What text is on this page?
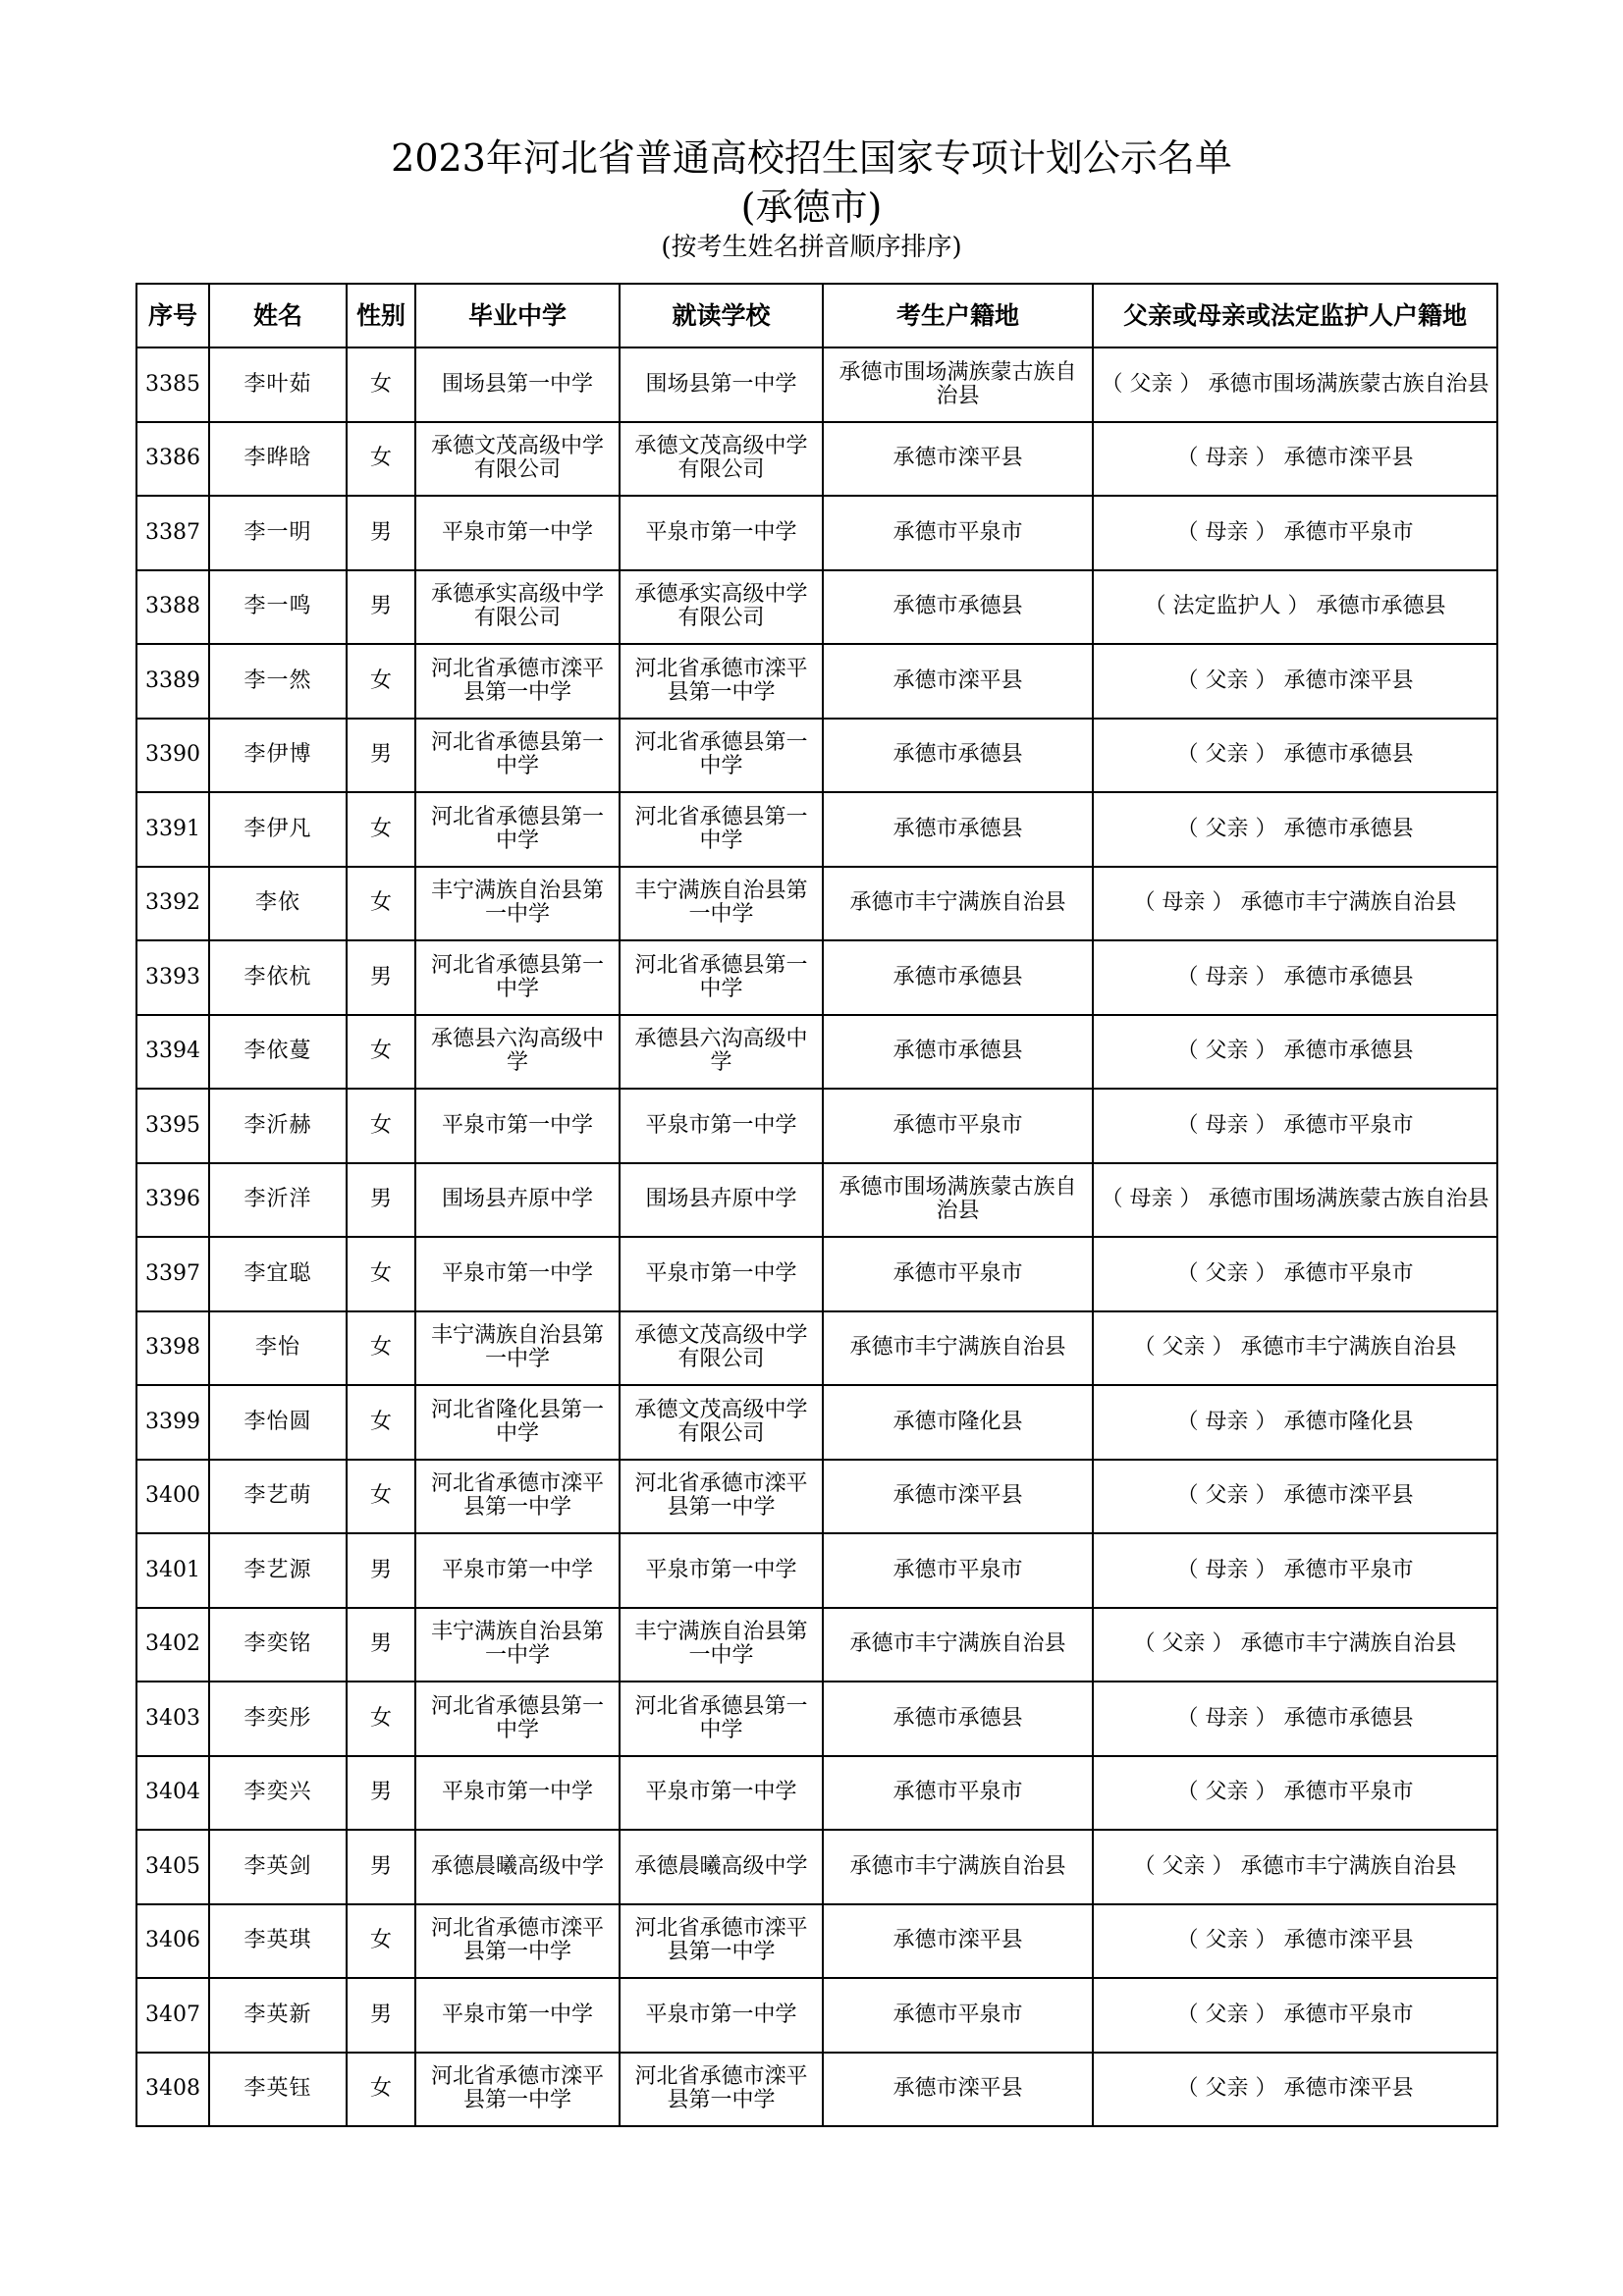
2023年河北省普通高校招生国家专项计划公示名单
(承德市)
(按考生姓名拼音顺序排序)
序号	姓名	性别	毕业中学	就读学校	考生户籍地	父亲或母亲或法定监护人户籍地
3385	李叶茹	女	围场县第一中学	围场县第一中学	承德市围场满族蒙古族自治县	（ 父亲 ） 承德市围场满族蒙古族自治县
3386	李晔晗	女	承德文茂高级中学有限公司	承德文茂高级中学有限公司	承德市滦平县	（ 母亲 ） 承德市滦平县
3387	李一明	男	平泉市第一中学	平泉市第一中学	承德市平泉市	（ 母亲 ） 承德市平泉市
3388	李一鸣	男	承德承实高级中学有限公司	承德承实高级中学有限公司	承德市承德县	（ 法定监护人 ） 承德市承德县
3389	李一然	女	河北省承德市滦平县第一中学	河北省承德市滦平县第一中学	承德市滦平县	（ 父亲 ） 承德市滦平县
3390	李伊博	男	河北省承德县第一中学	河北省承德县第一中学	承德市承德县	（ 父亲 ） 承德市承德县
3391	李伊凡	女	河北省承德县第一中学	河北省承德县第一中学	承德市承德县	（ 父亲 ） 承德市承德县
3392	李依	女	丰宁满族自治县第一中学	丰宁满族自治县第一中学	承德市丰宁满族自治县	（ 母亲 ） 承德市丰宁满族自治县
3393	李依杭	男	河北省承德县第一中学	河北省承德县第一中学	承德市承德县	（ 母亲 ） 承德市承德县
3394	李依蔓	女	承德县六沟高级中学	承德县六沟高级中学	承德市承德县	（ 父亲 ） 承德市承德县
3395	李沂赫	女	平泉市第一中学	平泉市第一中学	承德市平泉市	（ 母亲 ） 承德市平泉市
3396	李沂洋	男	围场县卉原中学	围场县卉原中学	承德市围场满族蒙古族自治县	（ 母亲 ） 承德市围场满族蒙古族自治县
3397	李宜聪	女	平泉市第一中学	平泉市第一中学	承德市平泉市	（ 父亲 ） 承德市平泉市
3398	李怡	女	丰宁满族自治县第一中学	承德文茂高级中学有限公司	承德市丰宁满族自治县	（ 父亲 ） 承德市丰宁满族自治县
3399	李怡圆	女	河北省隆化县第一中学	承德文茂高级中学有限公司	承德市隆化县	（ 母亲 ） 承德市隆化县
3400	李艺萌	女	河北省承德市滦平县第一中学	河北省承德市滦平县第一中学	承德市滦平县	（ 父亲 ） 承德市滦平县
3401	李艺源	男	平泉市第一中学	平泉市第一中学	承德市平泉市	（ 母亲 ） 承德市平泉市
3402	李奕铭	男	丰宁满族自治县第一中学	丰宁满族自治县第一中学	承德市丰宁满族自治县	（ 父亲 ） 承德市丰宁满族自治县
3403	李奕彤	女	河北省承德县第一中学	河北省承德县第一中学	承德市承德县	（ 母亲 ） 承德市承德县
3404	李奕兴	男	平泉市第一中学	平泉市第一中学	承德市平泉市	（ 父亲 ） 承德市平泉市
3405	李英剑	男	承德晨曦高级中学	承德晨曦高级中学	承德市丰宁满族自治县	（ 父亲 ） 承德市丰宁满族自治县
3406	李英琪	女	河北省承德市滦平县第一中学	河北省承德市滦平县第一中学	承德市滦平县	（ 父亲 ） 承德市滦平县
3407	李英新	男	平泉市第一中学	平泉市第一中学	承德市平泉市	（ 父亲 ） 承德市平泉市
3408	李英钰	女	河北省承德市滦平县第一中学	河北省承德市滦平县第一中学	承德市滦平县	（ 父亲 ） 承德市滦平县
